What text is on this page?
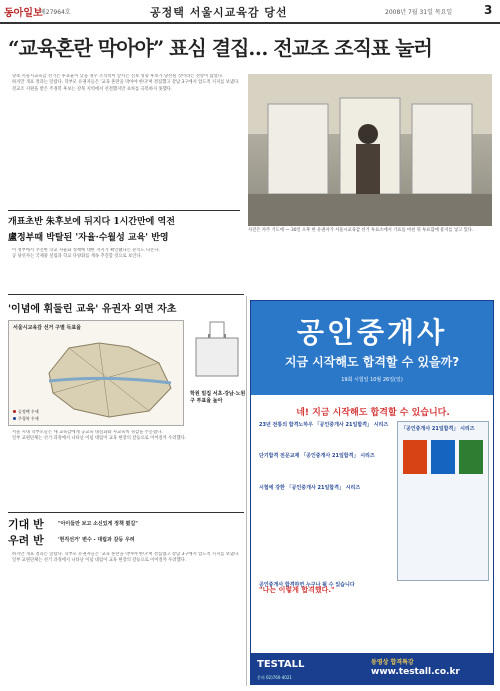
동아일보
제27964호	공정택 서울시교육감 당선	2008년 7월 31일 목요일	3
“교육혼란 막아야” 표심 결집… 전교조 조직표 눌러

당초 서울시교육감 선거는 투표율이 낮을 경우 조직력이 앞서는 진보 성향 후보가 당선될 것이라는 전망이 많았다.

하지만 개표 결과는 달랐다. 학부모 유권자들은 '교육 혼란을 막아야 한다'며 결집했고 강남 3구에서 압도적 지지를 보냈다.

전교조 지원을 받은 주경복 후보는 강북 지역에서 선전했지만 표차를 극복하지 못했다.

사진은 자주 기도에 — 30일 오후 한 유권자가 서울시교육감 선거 투표소에서 기표를 마친 뒤 투표함에 용지를 넣고 있다.
개표초반 朱후보에 뒤지다 1시간만에 역전
盧정부때 박탈된 '자율·수월성 교육' 반영

이 정부에서 추진한 학교 자율화 정책에 대한 지지가 확인됐다는 분석도 나온다.

공 당선자는 국제중 설립과 학교 다양화를 계속 추진할 것으로 보인다.

'이념에 휘둘린 교육' 유권자 외면 자초
서울시교육감 선거 구별 득표율
공정택 우세
주경복 우세
학원 밀집 서초·강남·노원구 투표율 높아

서울 시내 학부모들은 새 교육감에게 공교육 내실화와 사교육비 경감을 주문했다.

일부 교원단체는 선거 과정에서 나타난 이념 대립이 교육 현장의 갈등으로 이어질까 우려했다.

기대 반
우려 반
"아이들만 보고 소신있게 정책 폈길"
'현직선거' 변수 - 대립과 갈등 우려

하지만 개표 결과는 달랐다. 학부모 유권자들은 '교육 혼란을 막아야 한다'며 결집했고 강남 3구에서 압도적 지지를 보냈다.

일부 교원단체는 선거 과정에서 나타난 이념 대립이 교육 현장의 갈등으로 이어질까 우려했다.

공인중개사
지금 시작해도 합격할 수 있을까?
19회 시험일 10월 26일(일)
네! 지금 시작해도 합격할 수 있습니다.
23년 전통의 합격노하우 「공인중개사 21일합격」 시리즈
단기합격 전문교재 「공인중개사 21일합격」 시리즈
시험에 강한 「공인중개사 21일합격」 시리즈
「공인중개사 21일합격」 시리즈
공인중개사 합격하면 누구나 될 수 있습니다
"나는 이렇게 합격했다."
TESTALL
문의 02)760-4021
동영상 합격특강
www.testall.co.kr
